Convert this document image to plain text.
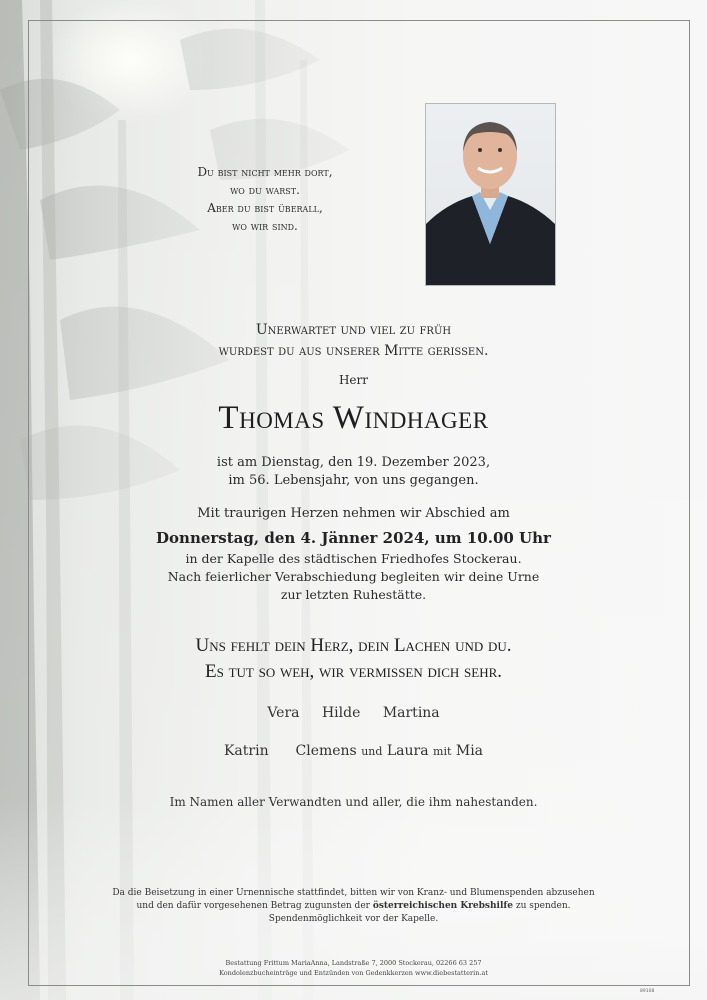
Du bist nicht mehr dort,
wo du warst.
Aber du bist überall,
wo wir sind.
Unerwartet und viel zu früh
wurdest du aus unserer Mitte gerissen.
Herr
Thomas Windhager
ist am Dienstag, den 19. Dezember 2023,
im 56. Lebensjahr, von uns gegangen.
Mit traurigen Herzen nehmen wir Abschied am
Donnerstag, den 4. Jänner 2024, um 10.00 Uhr
in der Kapelle des städtischen Friedhofes Stockerau.
Nach feierlicher Verabschiedung begleiten wir deine Urne
zur letzten Ruhestätte.
Uns fehlt dein Herz, dein Lachen und du.
Es tut so weh, wir vermissen dich sehr.
Vera Hilde Martina
Katrin Clemens und Laura mit Mia
Im Namen aller Verwandten und aller, die ihm nahestanden.
Da die Beisetzung in einer Urnennische stattfindet, bitten wir von Kranz- und Blumenspenden abzusehen
und den dafür vorgesehenen Betrag zugunsten der österreichischen Krebshilfe zu spenden.
Spendenmöglichkeit vor der Kapelle.
Bestattung Frittum MariaAnna, Landstraße 7, 2000 Stockerau, 02266 63 257
Kondolenzbucheinträge und Entzünden von Gedenkkerzen www.diebestatterin.at
89108
